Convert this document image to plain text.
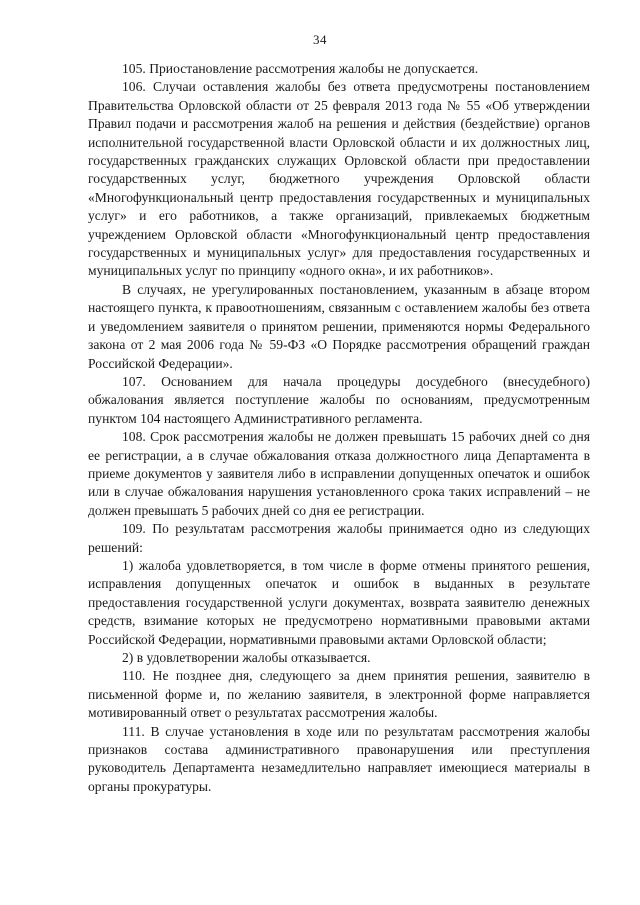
34

105. Приостановление рассмотрения жалобы не допускается.

106. Случаи оставления жалобы без ответа предусмотрены постановлением Правительства Орловской области от 25 февраля 2013 года № 55 «Об утверждении Правил подачи и рассмотрения жалоб на решения и действия (бездействие) органов исполнительной государственной власти Орловской области и их должностных лиц, государственных гражданских служащих Орловской области при предоставлении государственных услуг, бюджетного учреждения Орловской области «Многофункциональный центр предоставления государственных и муниципальных услуг» и его работников, а также организаций, привлекаемых бюджетным учреждением Орловской области «Многофункциональный центр предоставления государственных и муниципальных услуг» для предоставления государственных и муниципальных услуг по принципу «одного окна», и их работников».

В случаях, не урегулированных постановлением, указанным в абзаце втором настоящего пункта, к правоотношениям, связанным с оставлением жалобы без ответа и уведомлением заявителя о принятом решении, применяются нормы Федерального закона от 2 мая 2006 года № 59-ФЗ «О Порядке рассмотрения обращений граждан Российской Федерации».

107. Основанием для начала процедуры досудебного (внесудебного) обжалования является поступление жалобы по основаниям, предусмотренным пунктом 104 настоящего Административного регламента.

108. Срок рассмотрения жалобы не должен превышать 15 рабочих дней со дня ее регистрации, а в случае обжалования отказа должностного лица Департамента в приеме документов у заявителя либо в исправлении допущенных опечаток и ошибок или в случае обжалования нарушения установленного срока таких исправлений – не должен превышать 5 рабочих дней со дня ее регистрации.

109. По результатам рассмотрения жалобы принимается одно из следующих решений:

1) жалоба удовлетворяется, в том числе в форме отмены принятого решения, исправления допущенных опечаток и ошибок в выданных в результате предоставления государственной услуги документах, возврата заявителю денежных средств, взимание которых не предусмотрено нормативными правовыми актами Российской Федерации, нормативными правовыми актами Орловской области;

2) в удовлетворении жалобы отказывается.

110. Не позднее дня, следующего за днем принятия решения, заявителю в письменной форме и, по желанию заявителя, в электронной форме направляется мотивированный ответ о результатах рассмотрения жалобы.

111. В случае установления в ходе или по результатам рассмотрения жалобы признаков состава административного правонарушения или преступления руководитель Департамента незамедлительно направляет имеющиеся материалы в органы прокуратуры.
